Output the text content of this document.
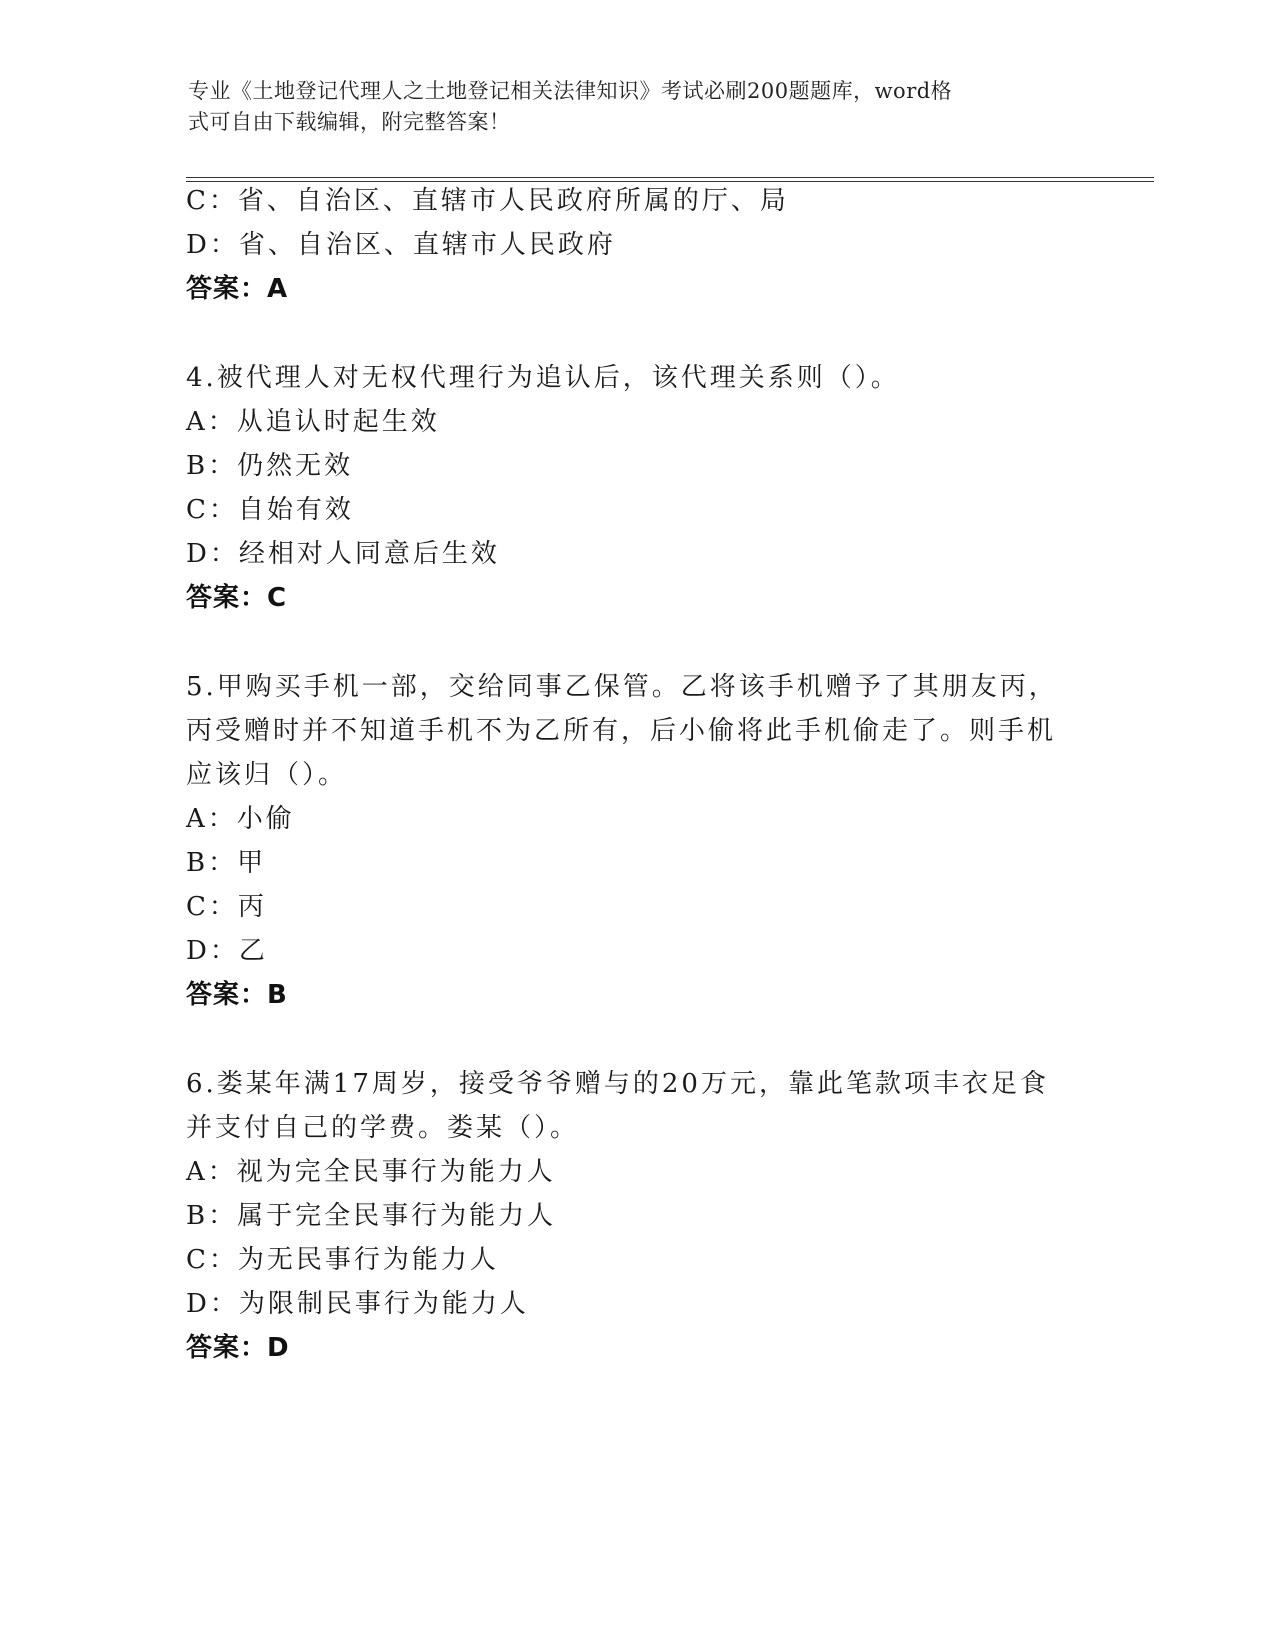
专业《土地登记代理人之土地登记相关法律知识》考试必刷200题题库，word格
式可自由下载编辑，附完整答案！
C：省、自治区、直辖市人民政府所属的厅、局
D：省、自治区、直辖市人民政府
答案：A
4.被代理人对无权代理行为追认后，该代理关系则（）。
A：从追认时起生效
B：仍然无效
C：自始有效
D：经相对人同意后生效
答案：C
5.甲购买手机一部，交给同事乙保管。乙将该手机赠予了其朋友丙，
丙受赠时并不知道手机不为乙所有，后小偷将此手机偷走了。则手机
应该归（）。
A：小偷
B：甲
C：丙
D：乙
答案：B
6.娄某年满17周岁，接受爷爷赠与的20万元，靠此笔款项丰衣足食
并支付自己的学费。娄某（）。
A：视为完全民事行为能力人
B：属于完全民事行为能力人
C：为无民事行为能力人
D：为限制民事行为能力人
答案：D
